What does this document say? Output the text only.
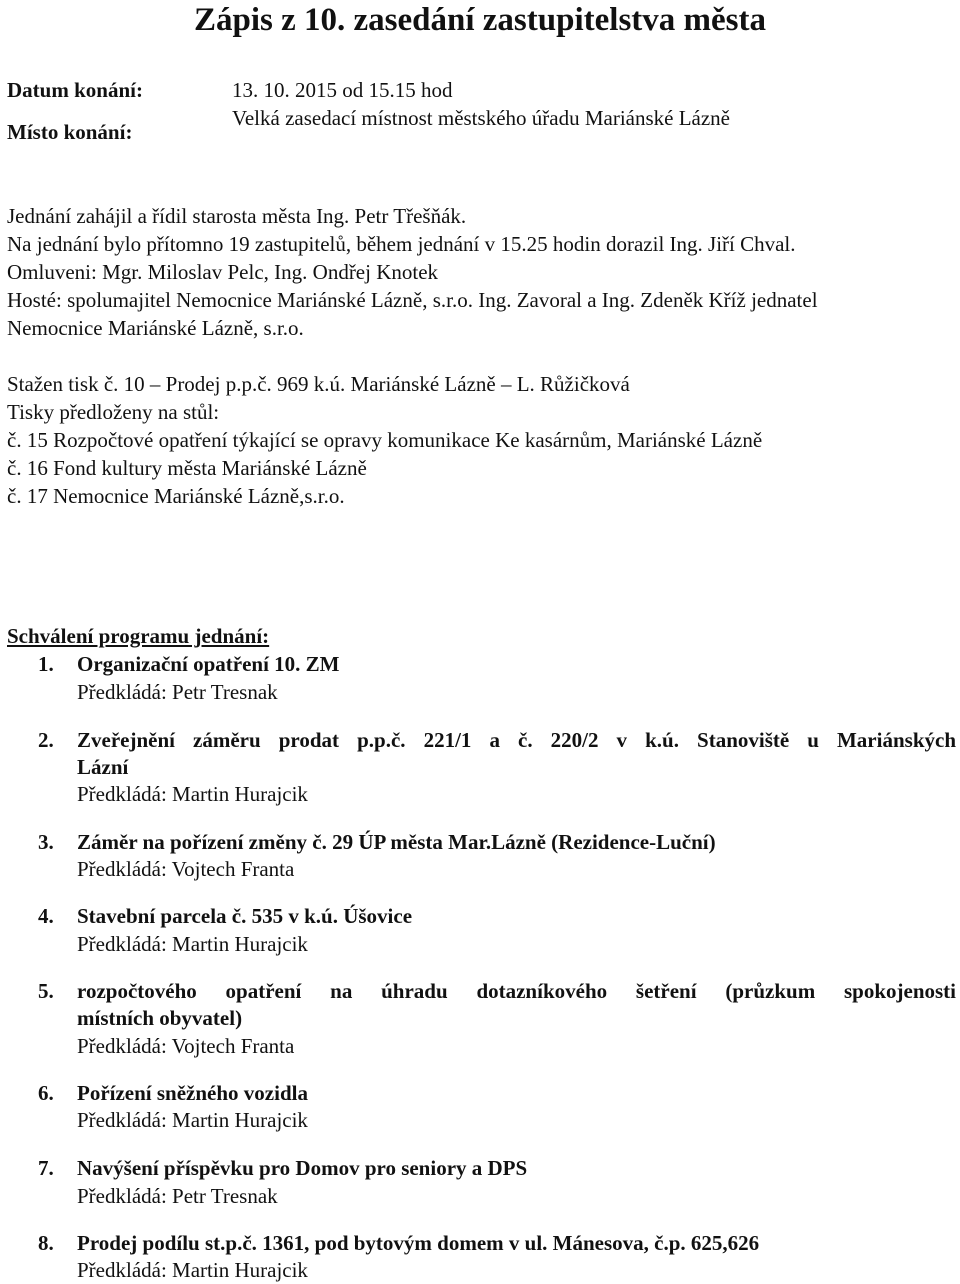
Zápis z 10. zasedání zastupitelstva města
Datum konání:	13. 10. 2015 od 15.15 hod
Místo konání:
Velká zasedací místnost městského úřadu Mariánské Lázně
Jednání zahájil a řídil starosta města Ing. Petr Třešňák.
Na jednání bylo přítomno 19 zastupitelů, během jednání v 15.25 hodin dorazil Ing. Jiří Chval.
Omluveni: Mgr. Miloslav Pelc, Ing. Ondřej Knotek
Hosté: spolumajitel Nemocnice Mariánské Lázně, s.r.o. Ing. Zavoral a Ing. Zdeněk Kříž jednatel
Nemocnice Mariánské Lázně, s.r.o.
Stažen tisk č. 10 – Prodej p.p.č. 969 k.ú. Mariánské Lázně – L. Růžičková
Tisky předloženy na stůl:
č. 15 Rozpočtové opatření týkající se opravy komunikace Ke kasárnům, Mariánské Lázně
č. 16 Fond kultury města Mariánské Lázně
č. 17 Nemocnice Mariánské Lázně,s.r.o.
Schválení programu jednání:
1. Organizační opatření 10. ZM
Předkládá: Petr Tresnak
2. Zveřejnění záměru prodat p.p.č. 221/1 a č. 220/2 v k.ú. Stanoviště u Mariánských
Lázní
Předkládá: Martin Hurajcik
3. Záměr na pořízení změny č. 29 ÚP města Mar.Lázně (Rezidence-Luční)
Předkládá: Vojtech Franta
4. Stavební parcela č. 535 v k.ú. Úšovice
Předkládá: Martin Hurajcik
5. rozpočtového opatření na úhradu dotazníkového šetření (průzkum spokojenosti
místních obyvatel)
Předkládá: Vojtech Franta
6. Pořízení sněžného vozidla
Předkládá: Martin Hurajcik
7. Navýšení příspěvku pro Domov pro seniory a DPS
Předkládá: Petr Tresnak
8. Prodej podílu st.p.č. 1361, pod bytovým domem v ul. Mánesova, č.p. 625,626
Předkládá: Martin Hurajcik
